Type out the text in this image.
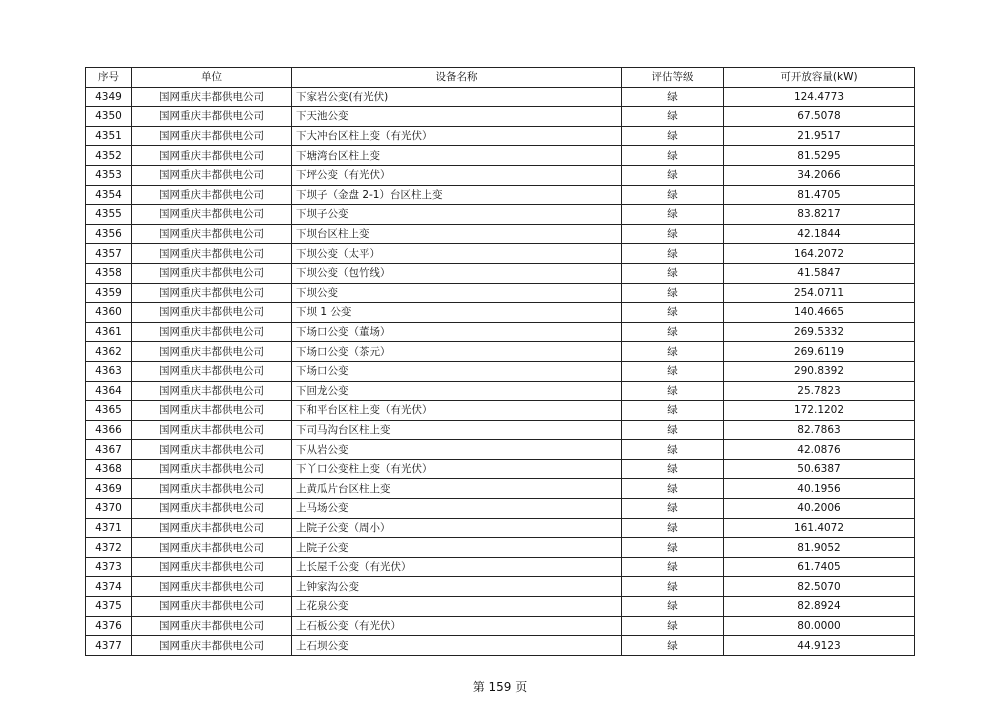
序号	单位	设备名称	评估等级	可开放容量(kW)
4349	国网重庆丰都供电公司	下家岩公变(有光伏)	绿	124.4773
4350	国网重庆丰都供电公司	下天池公变	绿	67.5078
4351	国网重庆丰都供电公司	下大冲台区柱上变（有光伏）	绿	21.9517
4352	国网重庆丰都供电公司	下塘湾台区柱上变	绿	81.5295
4353	国网重庆丰都供电公司	下坪公变（有光伏）	绿	34.2066
4354	国网重庆丰都供电公司	下坝子（金盘 2-1）台区柱上变	绿	81.4705
4355	国网重庆丰都供电公司	下坝子公变	绿	83.8217
4356	国网重庆丰都供电公司	下坝台区柱上变	绿	42.1844
4357	国网重庆丰都供电公司	下坝公变（太平）	绿	164.2072
4358	国网重庆丰都供电公司	下坝公变（包竹线）	绿	41.5847
4359	国网重庆丰都供电公司	下坝公变	绿	254.0711
4360	国网重庆丰都供电公司	下坝 1 公变	绿	140.4665
4361	国网重庆丰都供电公司	下场口公变（董场）	绿	269.5332
4362	国网重庆丰都供电公司	下场口公变（茶元）	绿	269.6119
4363	国网重庆丰都供电公司	下场口公变	绿	290.8392
4364	国网重庆丰都供电公司	下回龙公变	绿	25.7823
4365	国网重庆丰都供电公司	下和平台区柱上变（有光伏）	绿	172.1202
4366	国网重庆丰都供电公司	下司马沟台区柱上变	绿	82.7863
4367	国网重庆丰都供电公司	下从岩公变	绿	42.0876
4368	国网重庆丰都供电公司	下丫口公变柱上变（有光伏）	绿	50.6387
4369	国网重庆丰都供电公司	上黄瓜片台区柱上变	绿	40.1956
4370	国网重庆丰都供电公司	上马场公变	绿	40.2006
4371	国网重庆丰都供电公司	上院子公变（周小）	绿	161.4072
4372	国网重庆丰都供电公司	上院子公变	绿	81.9052
4373	国网重庆丰都供电公司	上长屋千公变（有光伏）	绿	61.7405
4374	国网重庆丰都供电公司	上钟家沟公变	绿	82.5070
4375	国网重庆丰都供电公司	上花泉公变	绿	82.8924
4376	国网重庆丰都供电公司	上石板公变（有光伏）	绿	80.0000
4377	国网重庆丰都供电公司	上石坝公变	绿	44.9123
第 159 页
